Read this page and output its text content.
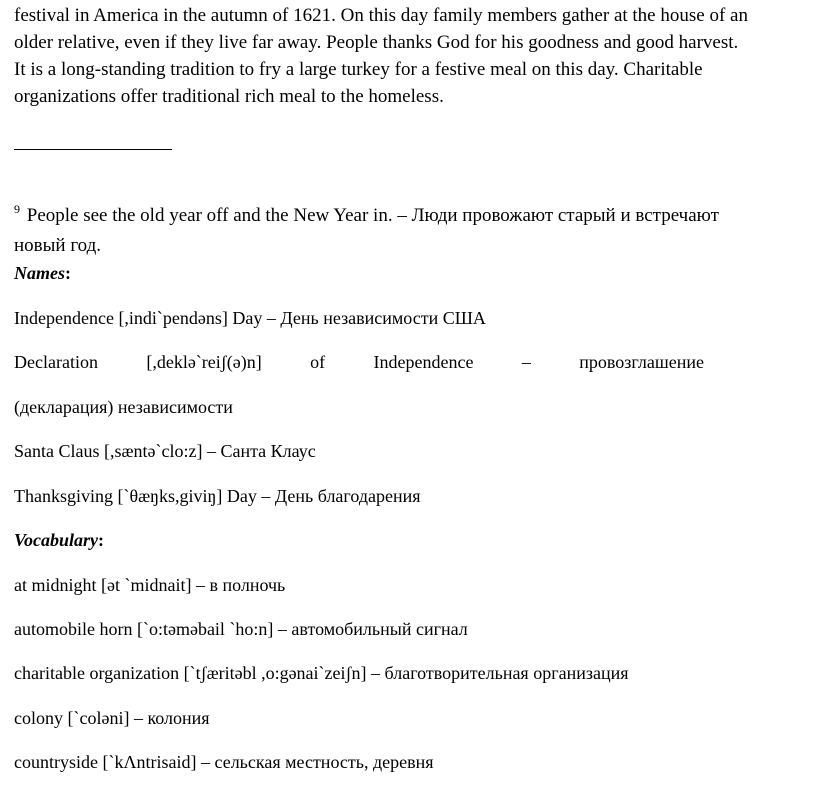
festival in America in the autumn of 1621. On this day family members gather at the house of an
older relative, even if they live far away. People thanks God for his goodness and good harvest.
It is a long-standing tradition to fry a large turkey for a festive meal on this day. Charitable
organizations offer traditional rich meal to the homeless.
$^9$ People see the old year off and the New Year in. – Люди провожают старый и встречают
новый год.
Names:
Independence [,indi`pendəns] Day – День независимости США
Declaration	[,deklə`reiʃ(ə)n]	of	Independence	–	провозглашение
(декларация) независимости
Santa Claus [,sæntə`clo:z] – Санта Клаус
Thanksgiving [`θæŋks,giviŋ] Day – День благодарения
Vocabulary:
at midnight [ət `midnait] – в полночь
automobile horn [`o:təməbail `ho:n] – автомобильный сигнал
charitable organization [`tʃæritəbl ,o:gənai`zeiʃn] – благотворительная организация
colony [`coləni] – колония
countryside [`kΛntrisaid] – сельская местность, деревня
